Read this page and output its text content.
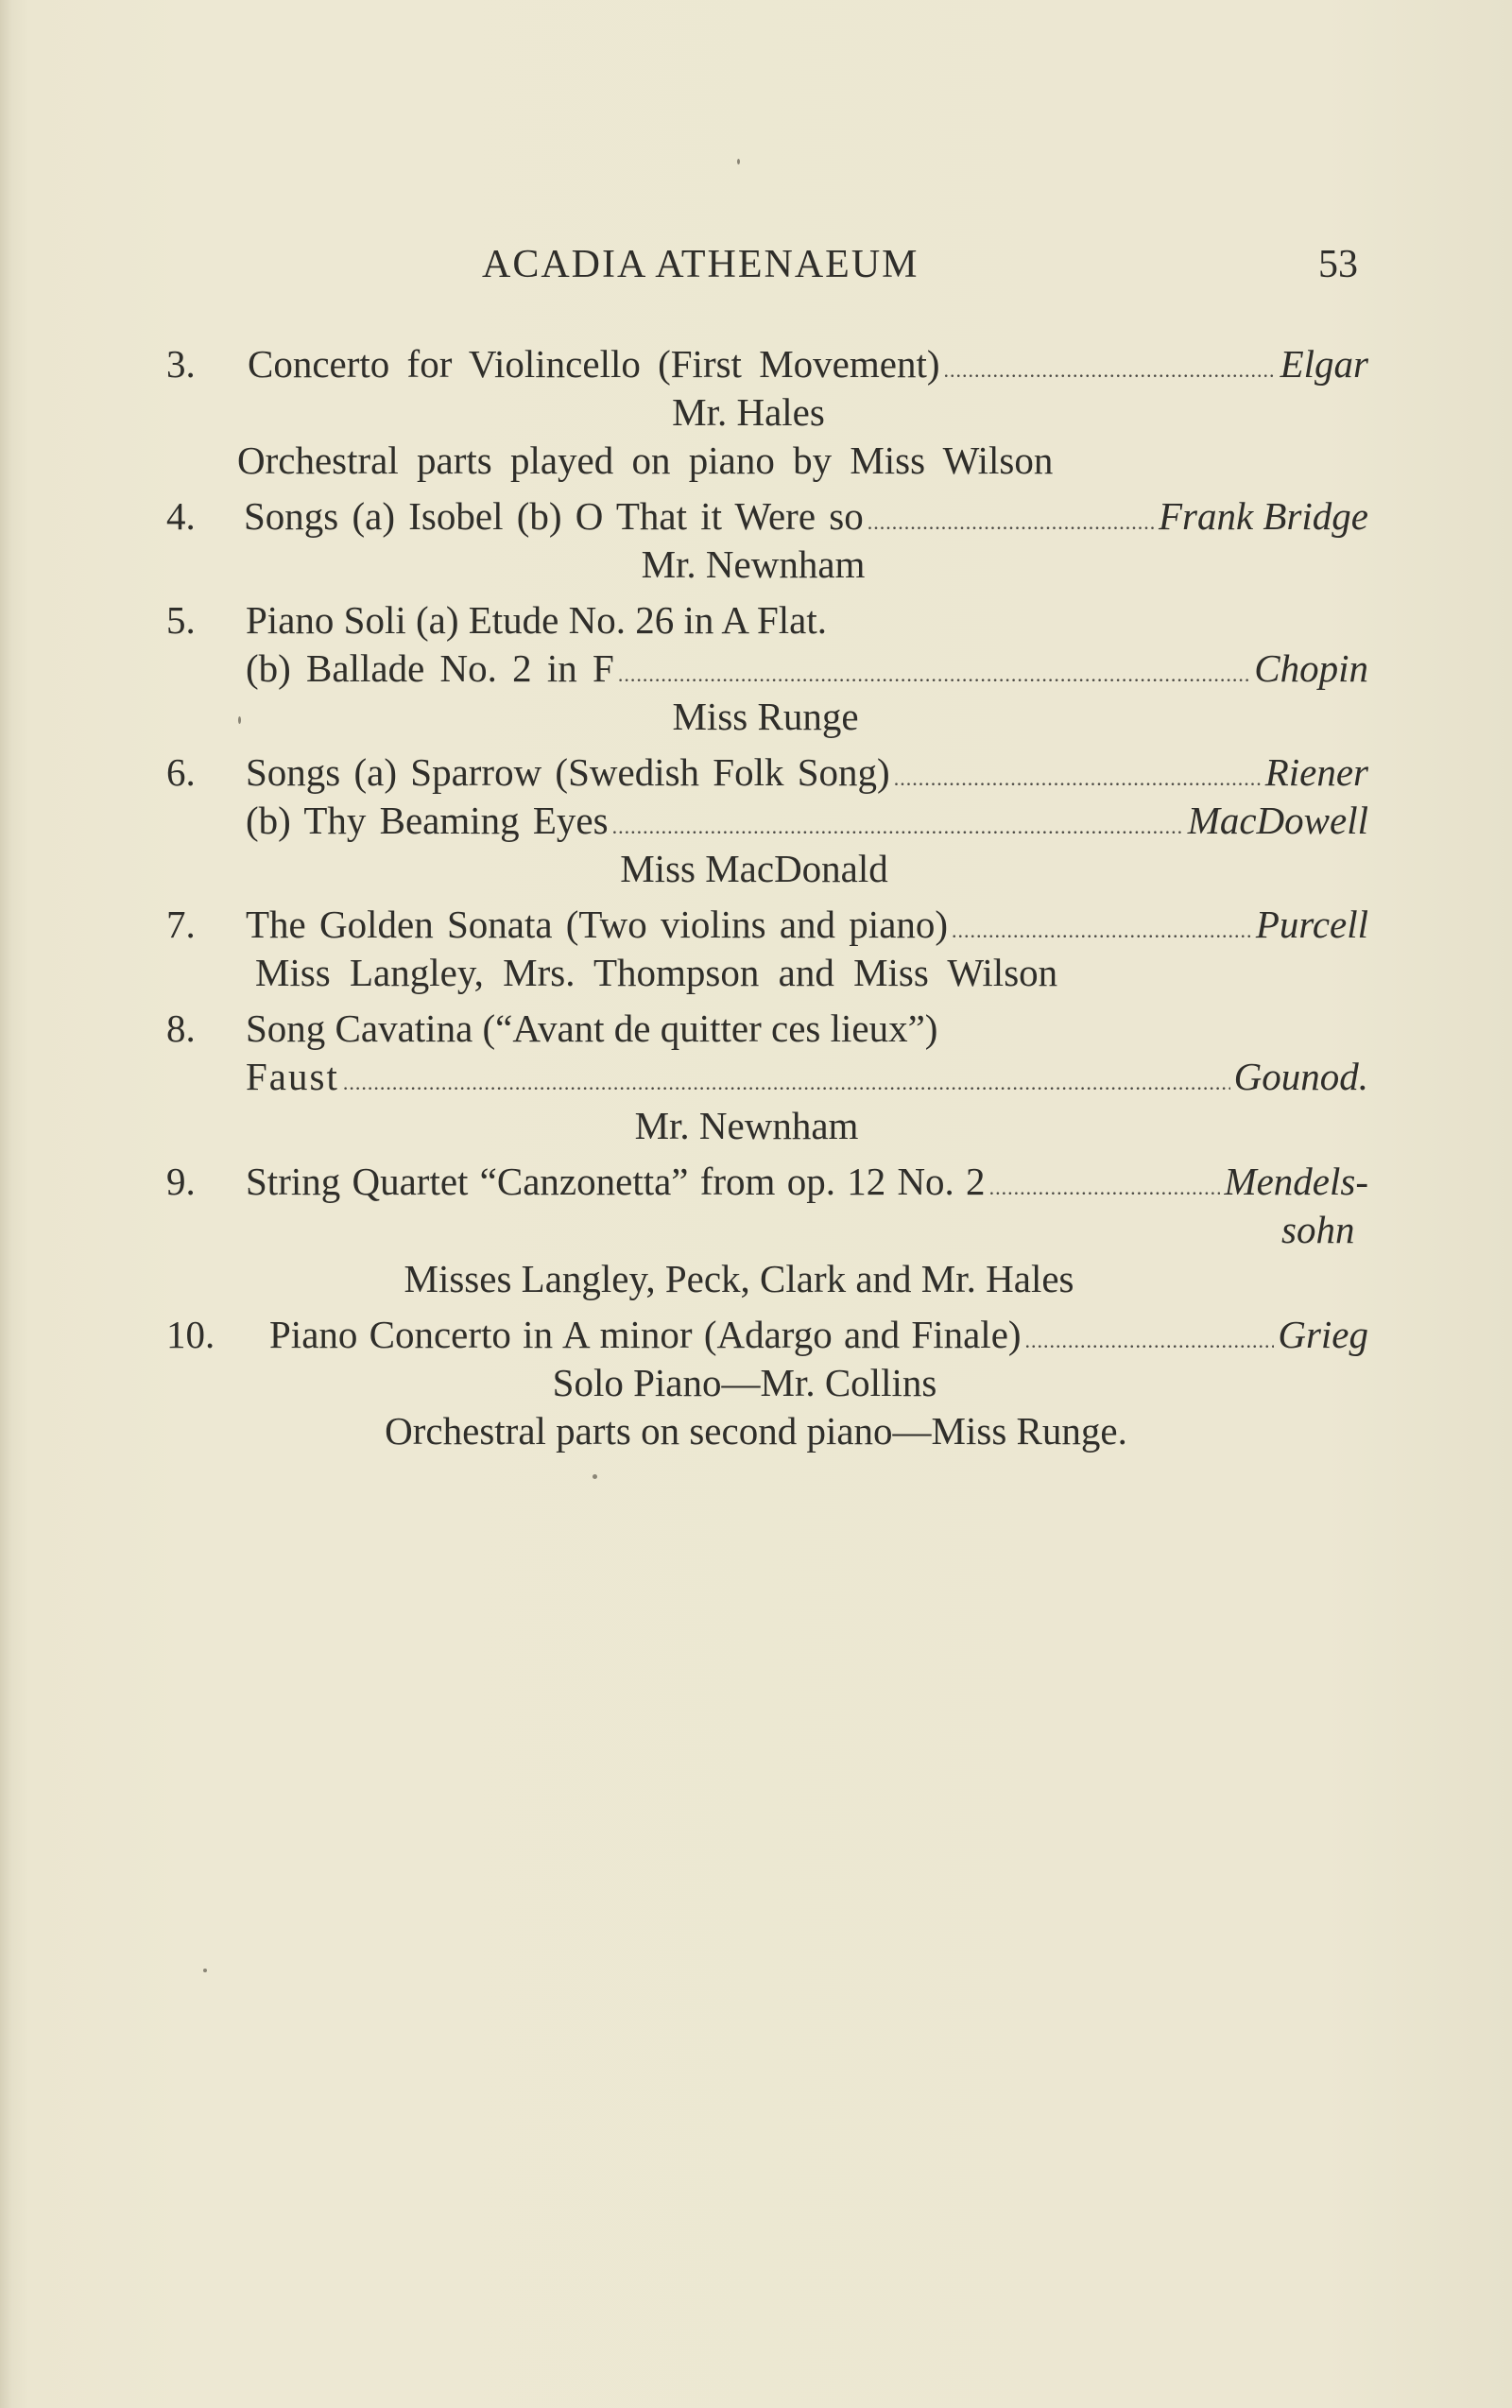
ACADIA ATHENAEUM	53
3. Concerto for Violincello (First Movement) .....	Elgar
Mr. Hales
Orchestral parts played on piano by Miss Wilson
4. Songs (a) Isobel (b) O That it Were so .....	Frank Bridge
Mr. Newnham
5. Piano Soli (a) Etude No. 26 in A Flat.
(b) Ballade No. 2 in F .....	Chopin
Miss Runge
6. Songs (a) Sparrow (Swedish Folk Song) .....	Riener
(b) Thy Beaming Eyes .....	MacDowell
Miss MacDonald
7. The Golden Sonata (Two violins and piano) .....	Purcell
Miss Langley, Mrs. Thompson and Miss Wilson
8. Song Cavatina (“Avant de quitter ces lieux”)
Faust .....	Gounod.
Mr. Newnham
9. String Quartet “Canzonetta” from op. 12 No. 2 .....	Mendels-
sohn
Misses Langley, Peck, Clark and Mr. Hales
10. Piano Concerto in A minor (Adargo and Finale) .....	Grieg
Solo Piano—Mr. Collins
Orchestral parts on second piano—Miss Runge.
